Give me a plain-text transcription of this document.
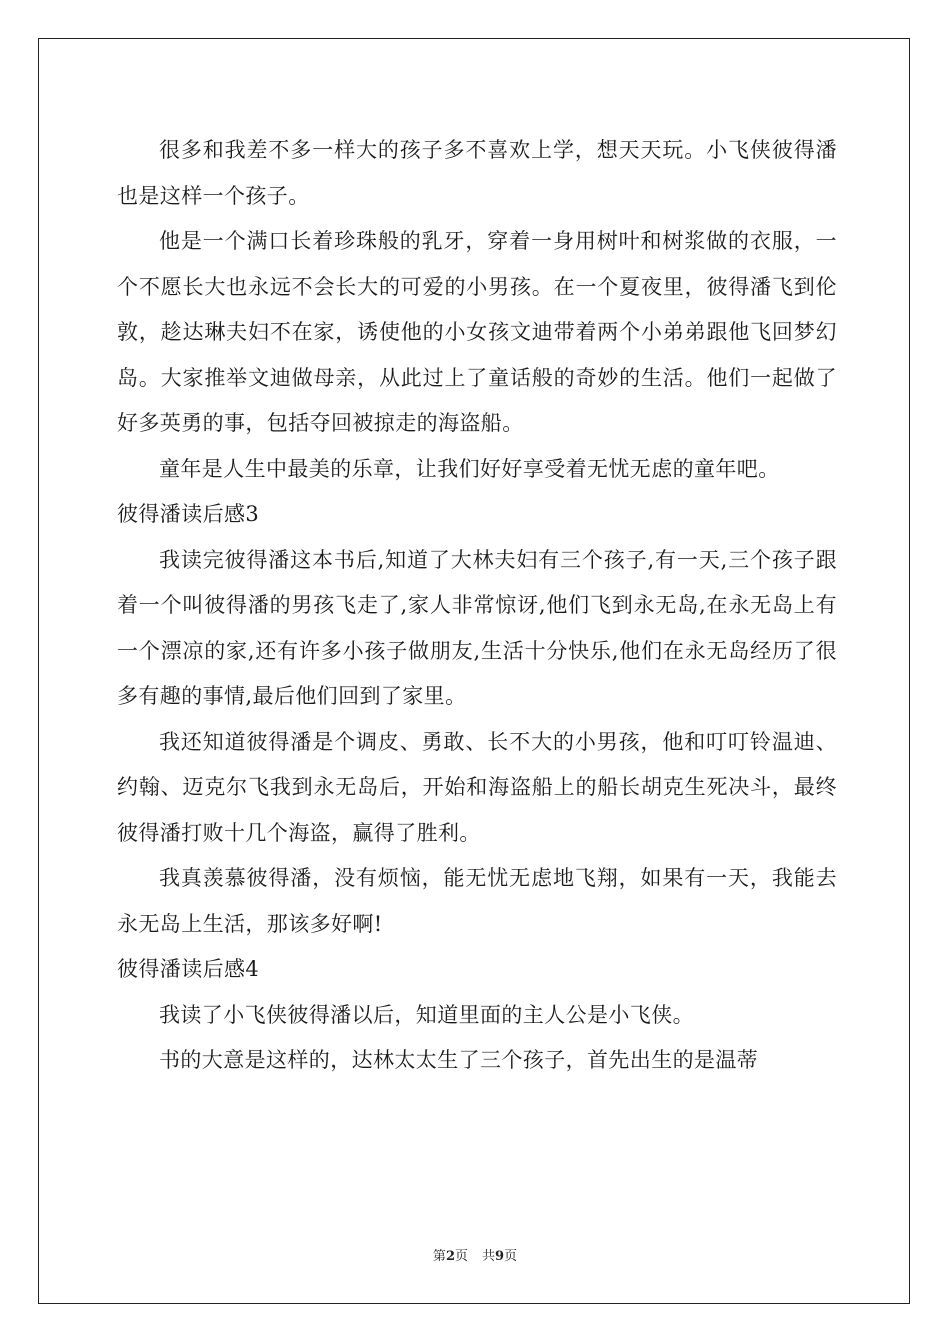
很多和我差不多一样大的孩子多不喜欢上学，想天天玩。小飞侠彼得潘也是这样一个孩子。

他是一个满口长着珍珠般的乳牙，穿着一身用树叶和树浆做的衣服，一个不愿长大也永远不会长大的可爱的小男孩。在一个夏夜里，彼得潘飞到伦敦，趁达琳夫妇不在家，诱使他的小女孩文迪带着两个小弟弟跟他飞回梦幻岛。大家推举文迪做母亲，从此过上了童话般的奇妙的生活。他们一起做了好多英勇的事，包括夺回被掠走的海盗船。

童年是人生中最美的乐章，让我们好好享受着无忧无虑的童年吧。

彼得潘读后感3

我读完彼得潘这本书后,知道了大林夫妇有三个孩子,有一天,三个孩子跟着一个叫彼得潘的男孩飞走了,家人非常惊讶,他们飞到永无岛,在永无岛上有一个漂凉的家,还有许多小孩子做朋友,生活十分快乐,他们在永无岛经历了很多有趣的事情,最后他们回到了家里。

我还知道彼得潘是个调皮、勇敢、长不大的小男孩，他和叮叮铃温迪、约翰、迈克尔飞我到永无岛后，开始和海盗船上的船长胡克生死决斗，最终彼得潘打败十几个海盗，赢得了胜利。

我真羡慕彼得潘，没有烦恼，能无忧无虑地飞翔，如果有一天，我能去永无岛上生活，那该多好啊!

彼得潘读后感4

我读了小飞侠彼得潘以后，知道里面的主人公是小飞侠。

书的大意是这样的，达林太太生了三个孩子，首先出生的是温蒂

第2页 共9页
